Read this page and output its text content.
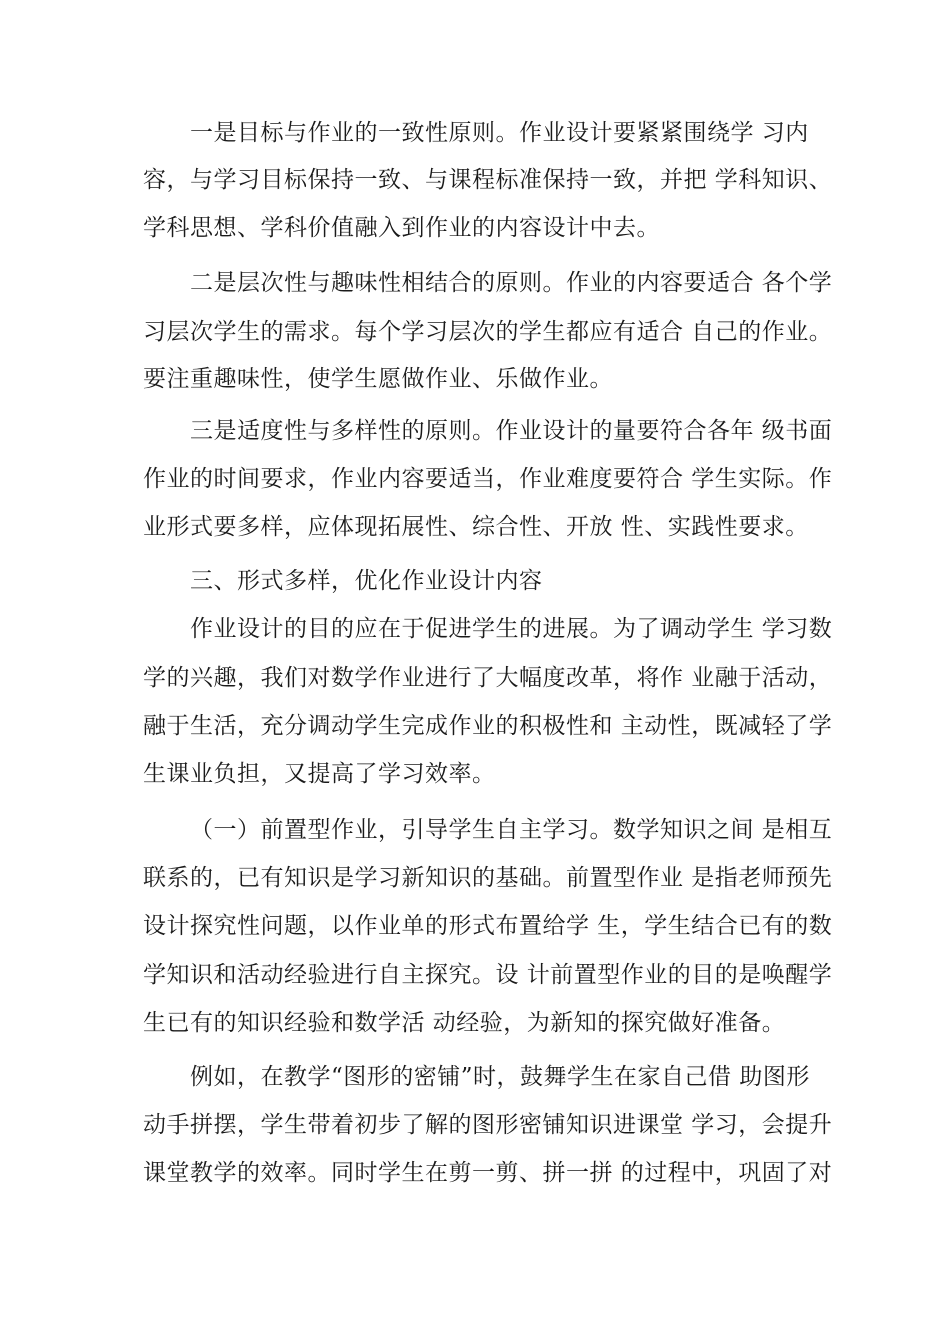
一是目标与作业的一致性原则。作业设计要紧紧围绕学 习内
容，与学习目标保持一致、与课程标准保持一致，并把 学科知识、
学科思想、学科价值融入到作业的内容设计中去。
二是层次性与趣味性相结合的原则。作业的内容要适合 各个学
习层次学生的需求。每个学习层次的学生都应有适合 自己的作业。
要注重趣味性，使学生愿做作业、乐做作业。
三是适度性与多样性的原则。作业设计的量要符合各年 级书面
作业的时间要求，作业内容要适当，作业难度要符合 学生实际。作
业形式要多样，应体现拓展性、综合性、开放 性、实践性要求。
三、形式多样，优化作业设计内容
作业设计的目的应在于促进学生的进展。为了调动学生 学习数
学的兴趣，我们对数学作业进行了大幅度改革，将作 业融于活动，
融于生活，充分调动学生完成作业的积极性和 主动性，既减轻了学
生课业负担，又提高了学习效率。
（一）前置型作业，引导学生自主学习。数学知识之间 是相互
联系的，已有知识是学习新知识的基础。前置型作业 是指老师预先
设计探究性问题，以作业单的形式布置给学 生，学生结合已有的数
学知识和活动经验进行自主探究。设 计前置型作业的目的是唤醒学
生已有的知识经验和数学活 动经验，为新知的探究做好准备。
例如，在教学“图形的密铺”时，鼓舞学生在家自己借 助图形
动手拼摆，学生带着初步了解的图形密铺知识进课堂 学习，会提升
课堂教学的效率。同时学生在剪一剪、拼一拼 的过程中，巩固了对
